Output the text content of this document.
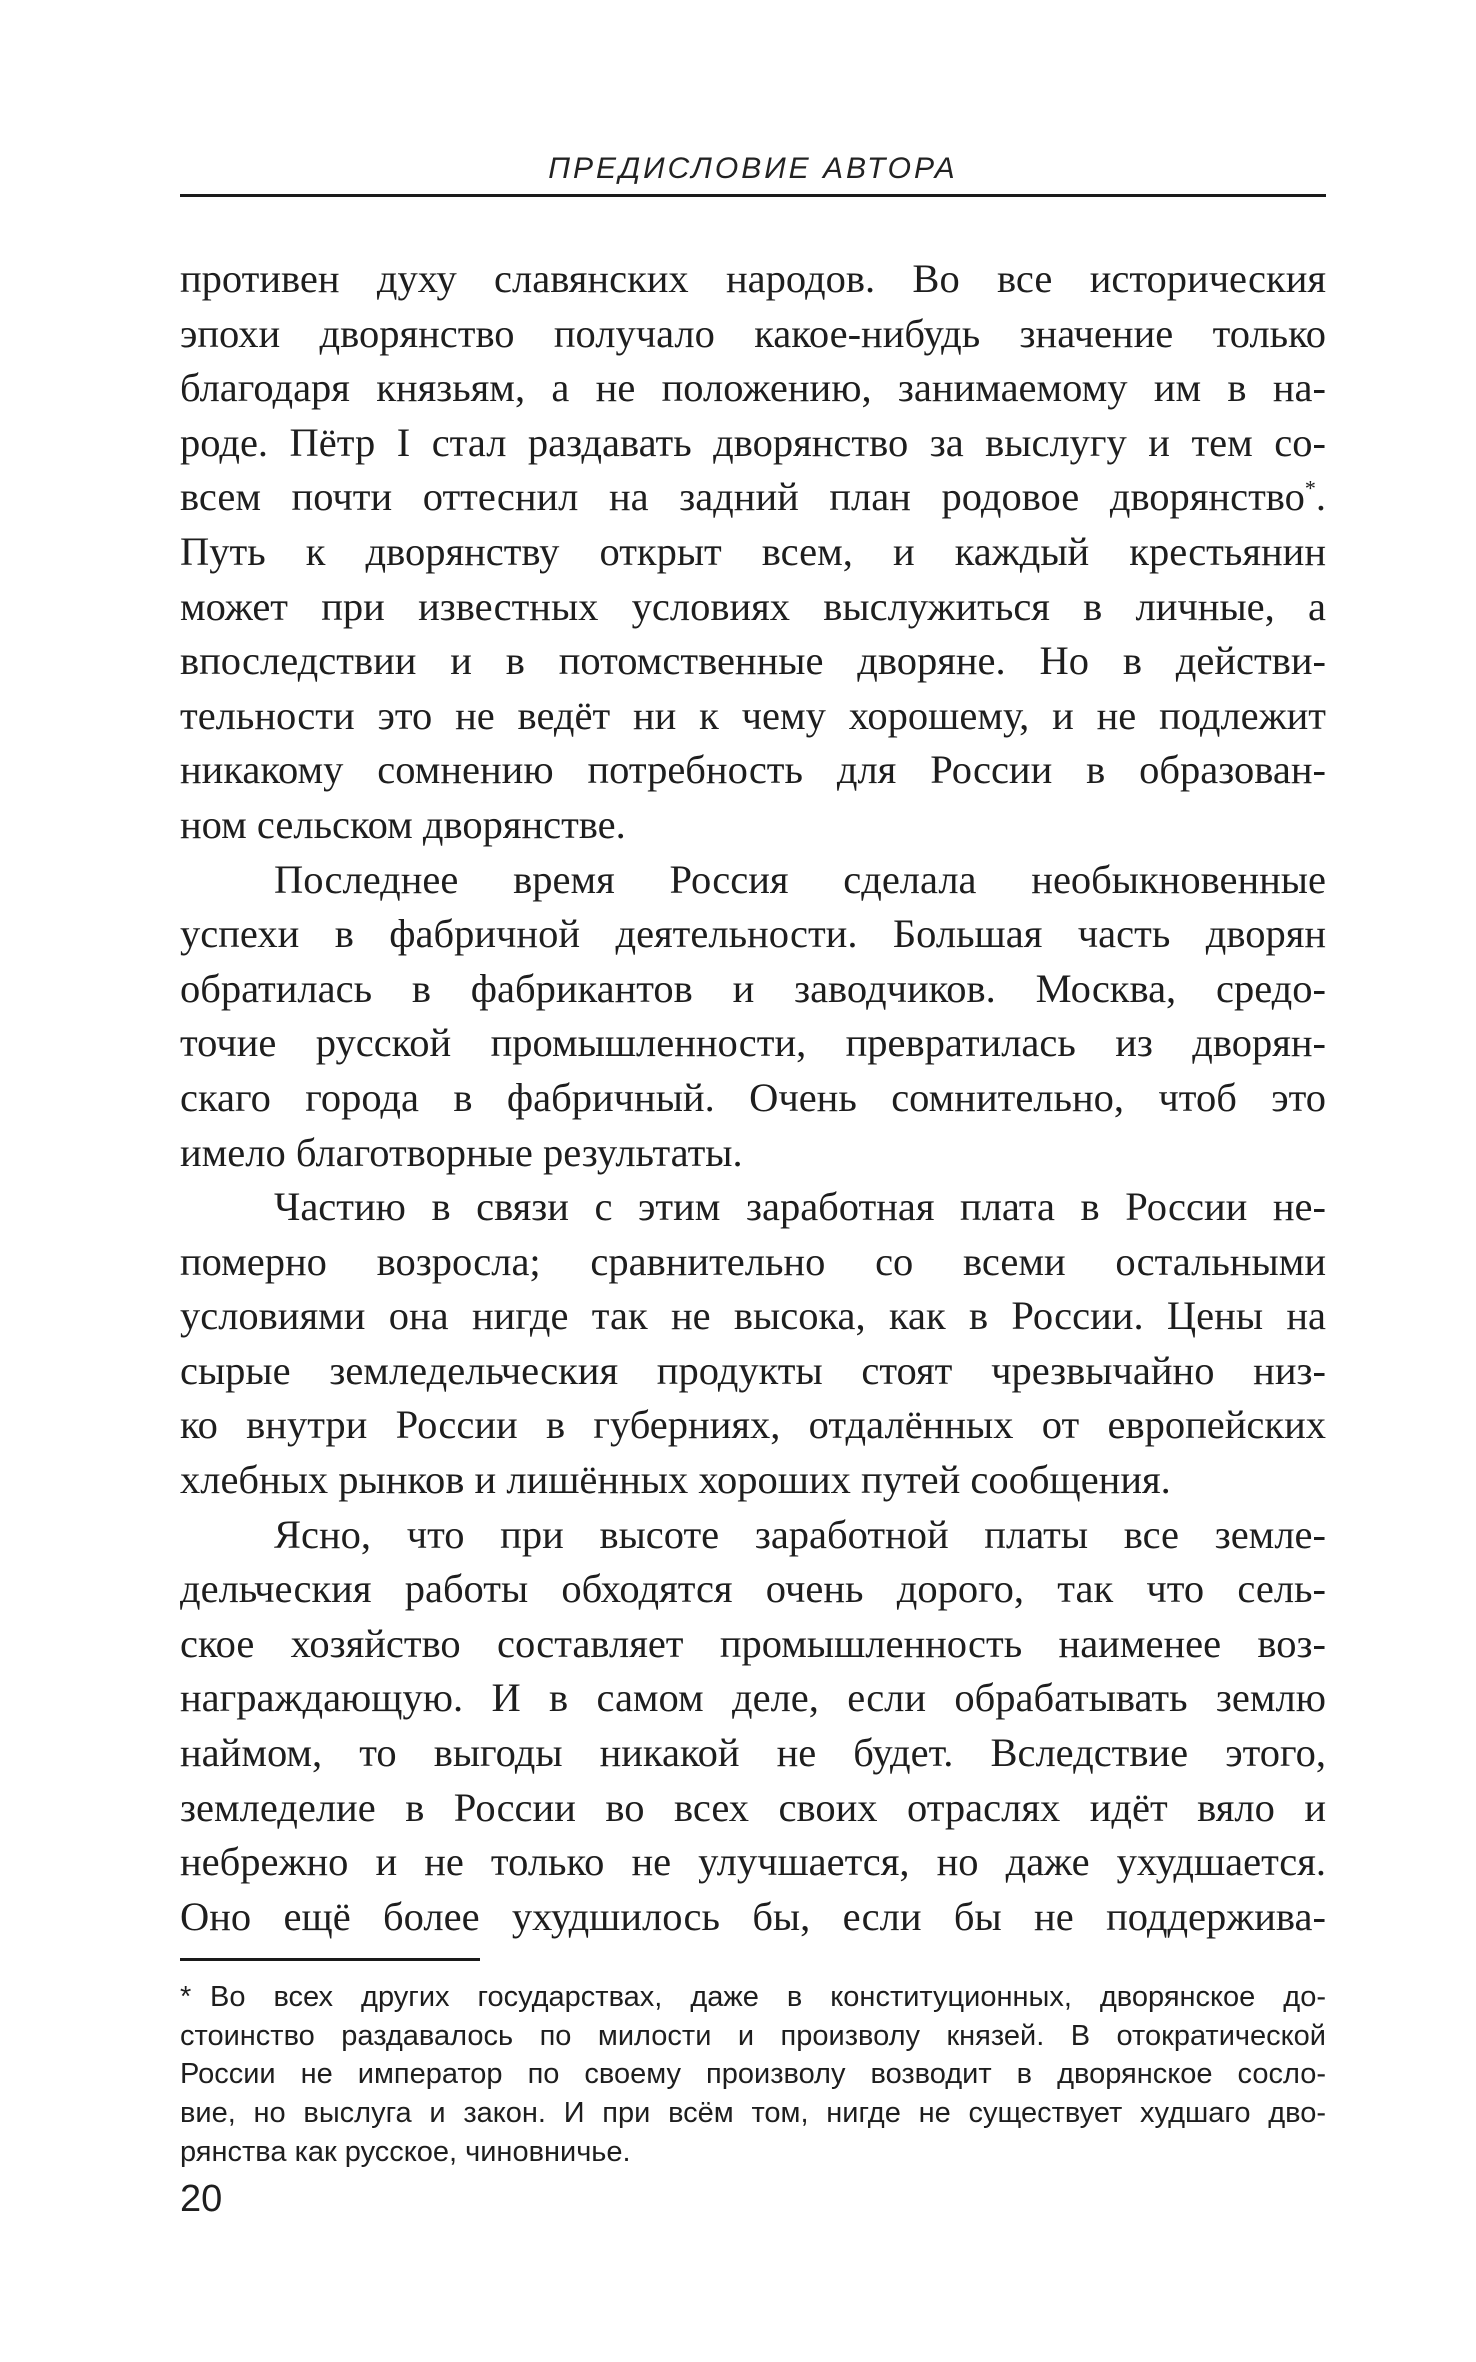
ПРЕДИСЛОВИЕ АВТОРА

противен духу славянских народов. Во все историческия
эпохи дворянство получало какое-нибудь значение только
благодаря князьям, а не положению, занимаемому им в на-
роде. Пётр I стал раздавать дворянство за выслугу и тем со-
всем почти оттеснил на задний план родовое дворянство*.
Путь к дворянству открыт всем, и каждый крестьянин
может при известных условиях выслужиться в личные, а
впоследствии и в потомственные дворяне. Но в действи-
тельности это не ведёт ни к чему хорошему, и не подлежит
никакому сомнению потребность для России в образован-
ном сельском дворянстве.

Последнее время Россия сделала необыкновенные
успехи в фабричной деятельности. Большая часть дворян
обратилась в фабрикантов и заводчиков. Москва, средо-
точие русской промышленности, превратилась из дворян-
скаго города в фабричный. Очень сомнительно, чтоб это
имело благотворные результаты.

Частию в связи с этим заработная плата в России не-
померно возросла; сравнительно со всеми остальными
условиями она нигде так не высока, как в России. Цены на
сырые земледельческия продукты стоят чрезвычайно низ-
ко внутри России в губерниях, отдалённых от европейских
хлебных рынков и лишённых хороших путей сообщения.

Ясно, что при высоте заработной платы все земле-
дельческия работы обходятся очень дорого, так что сель-
ское хозяйство составляет промышленность наименее воз-
награждающую. И в самом деле, если обрабатывать землю
наймом, то выгоды никакой не будет. Вследствие этого,
земледелие в России во всех своих отраслях идёт вяло и
небрежно и не только не улучшается, но даже ухудшается.
Оно ещё более ухудшилось бы, если бы не поддержива-

* Во всех других государствах, даже в конституционных, дворянское до-
стоинство раздавалось по милости и произволу князей. В отократической
России не император по своему произволу возводит в дворянское сосло-
вие, но выслуга и закон. И при всём том, нигде не существует худшаго дво-
рянства как русское, чиновничье.
20
